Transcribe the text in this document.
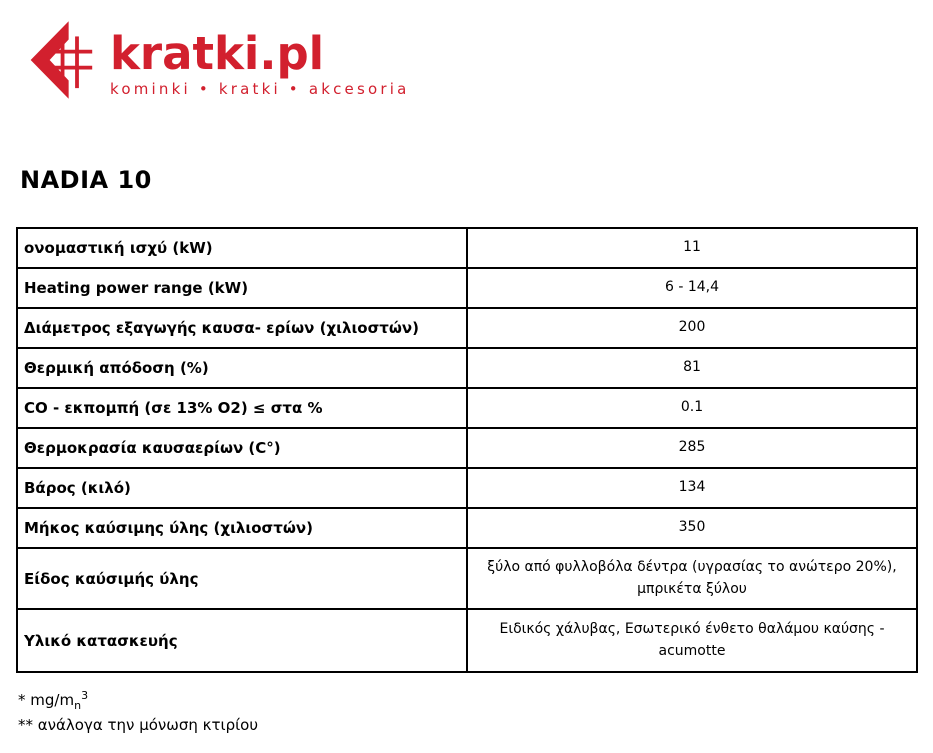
kratki.pl
kominki • kratki • akcesoria
NADIA 10
ονομαστική ισχύ (kW)	11
Heating power range (kW)	6 - 14,4
Διάμετρος εξαγωγής καυσα- ερίων (χιλιοστών)	200
Θερμική απόδοση (%)	81
CO - εκπομπή (σε 13% O2) ≤ στα %	0.1
Θερμοκρασία καυσαερίων (C°)	285
Βάρος (κιλό)	134
Μήκος καύσιμης ύλης (χιλιοστών)	350
Είδος καύσιμής ύλης	ξύλο από φυλλοβόλα δέντρα (υγρασίας το ανώτερο 20%), μπρικέτα ξύλου
Υλικό κατασκευής	Ειδικός χάλυβας, Εσωτερικό ένθετο θαλάμου καύσης - acumotte
* $mg/m_n^3$
** ανάλογα την μόνωση κτιρίου
